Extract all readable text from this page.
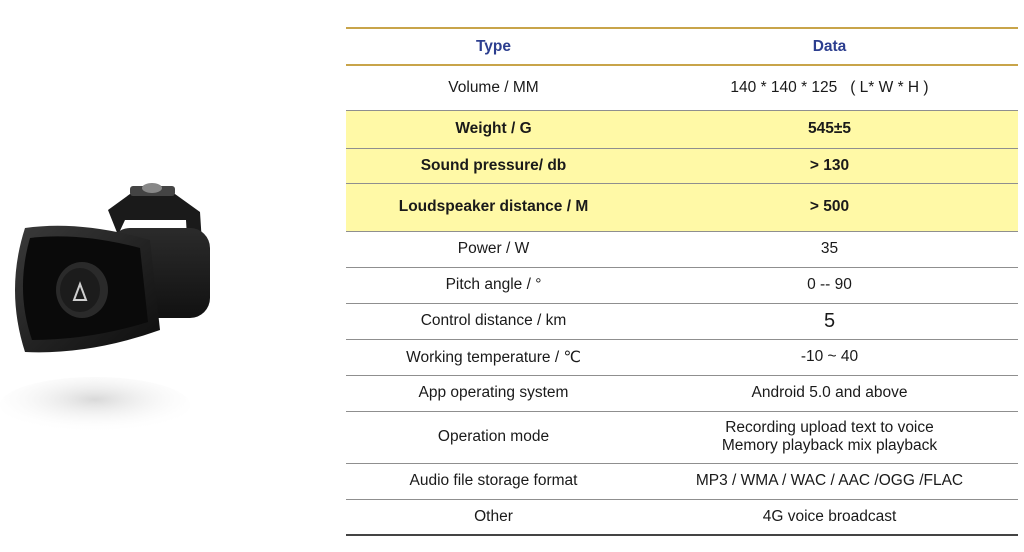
Type	Data
Volume / MM	140 * 140 * 125   ( L* W * H )
Weight / G	545±5
Sound pressure/ db	> 130
Loudspeaker distance / M	> 500
Power / W	35
Pitch angle / °	0 -- 90
Control distance / km	5
Working temperature / ℃	-10 ~ 40
App operating system	Android 5.0 and above
Operation mode	Recording upload text to voice
Memory playback mix playback

Audio file storage format	MP3 / WMA / WAC / AAC /OGG /FLAC
Other	4G voice broadcast
